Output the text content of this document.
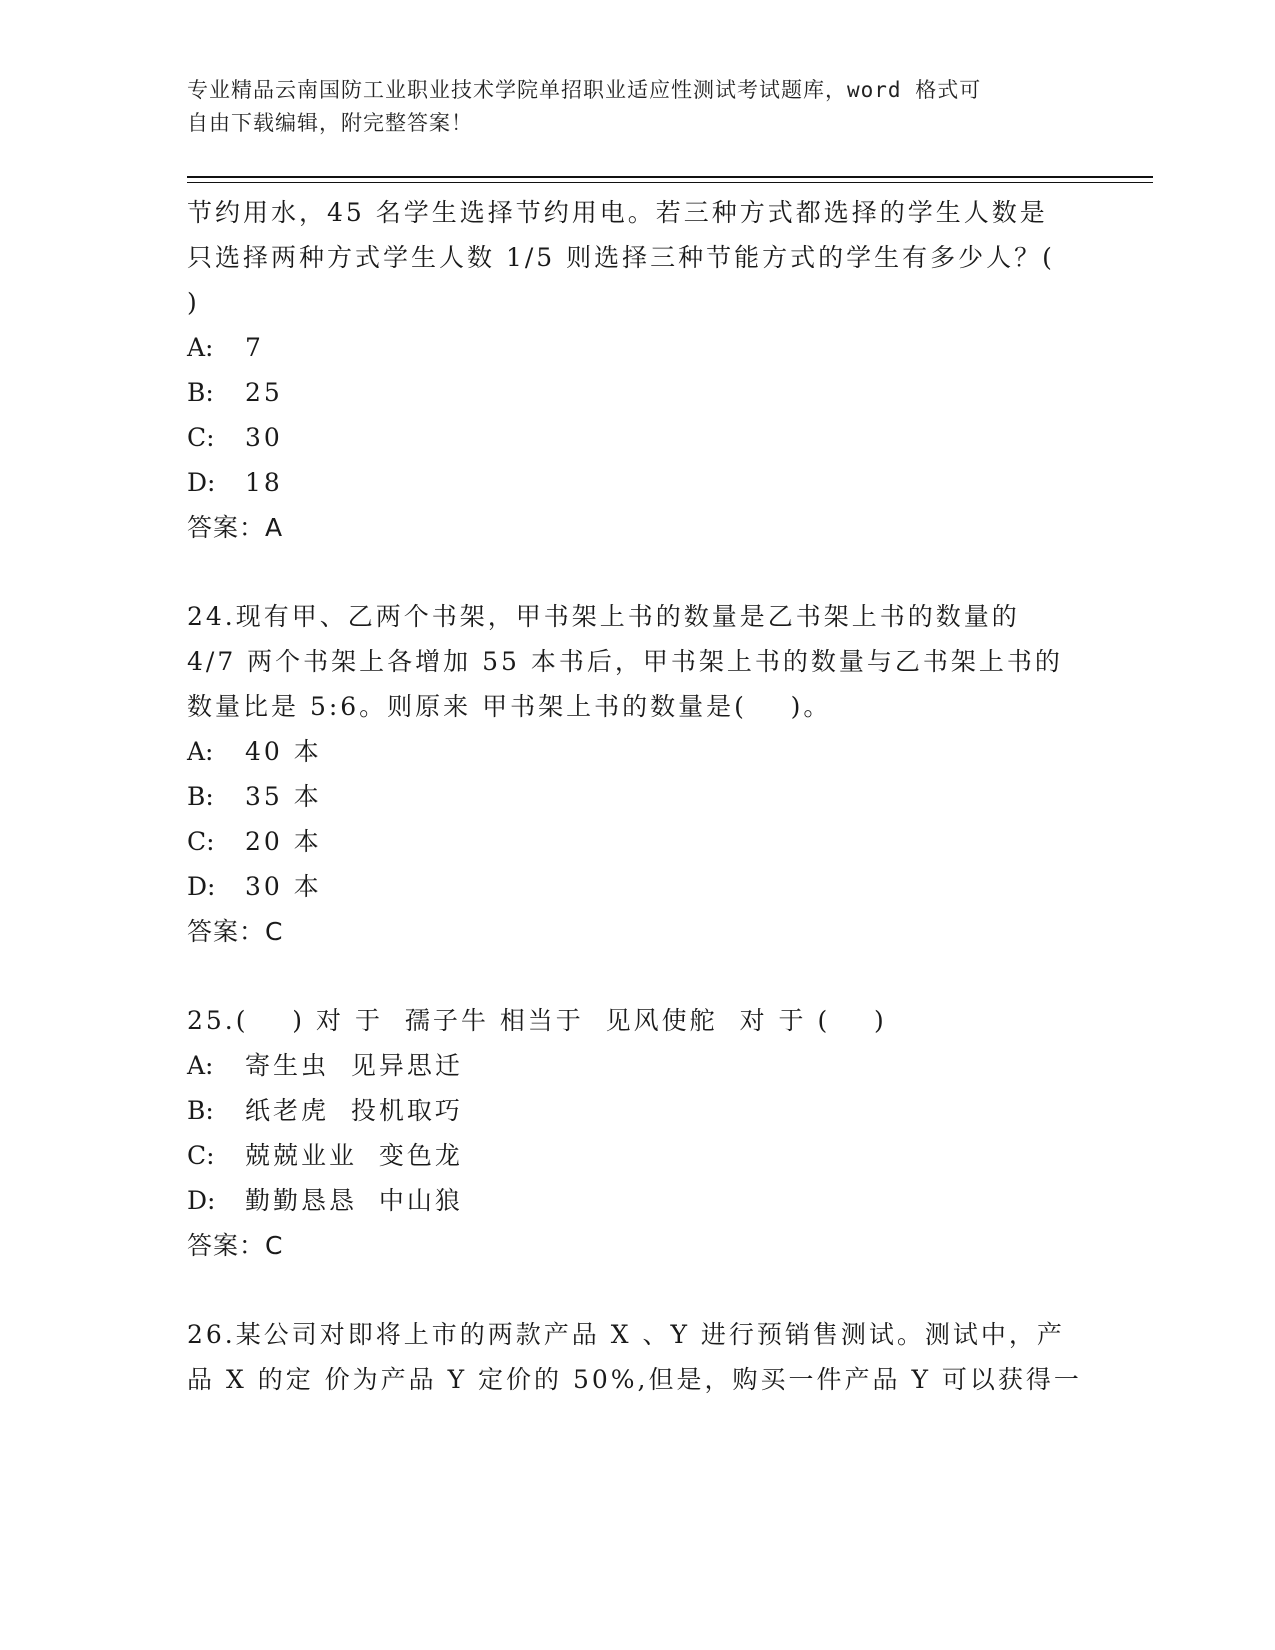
专业精品云南国防工业职业技术学院单招职业适应性测试考试题库，word 格式可
自由下载编辑，附完整答案！

节约用水，45 名学生选择节约用电。若三种方式都选择的学生人数是

只选择两种方式学生人数 1/5 则选择三种节能方式的学生有多少人？(

)

A:	7
B:	25
C:	30
D:	18

答案：A

24.现有甲、乙两个书架，甲书架上书的数量是乙书架上书的数量的

4/7 两个书架上各增加 55 本书后，甲书架上书的数量与乙书架上书的

数量比是 5:6。则原来 甲书架上书的数量是(    )。

A:	40 本
B:	35 本
C:	20 本
D:	30 本

答案：C

25.(    ) 对 于  孺子牛 相当于  见风使舵  对 于 (    )

A:	寄生虫  见异思迁
B:	纸老虎  投机取巧
C:	兢兢业业  变色龙
D:	勤勤恳恳  中山狼

答案：C

26.某公司对即将上市的两款产品 X 、Y 进行预销售测试。测试中，产

品 X 的定 价为产品 Y 定价的 50%,但是，购买一件产品 Y 可以获得一
